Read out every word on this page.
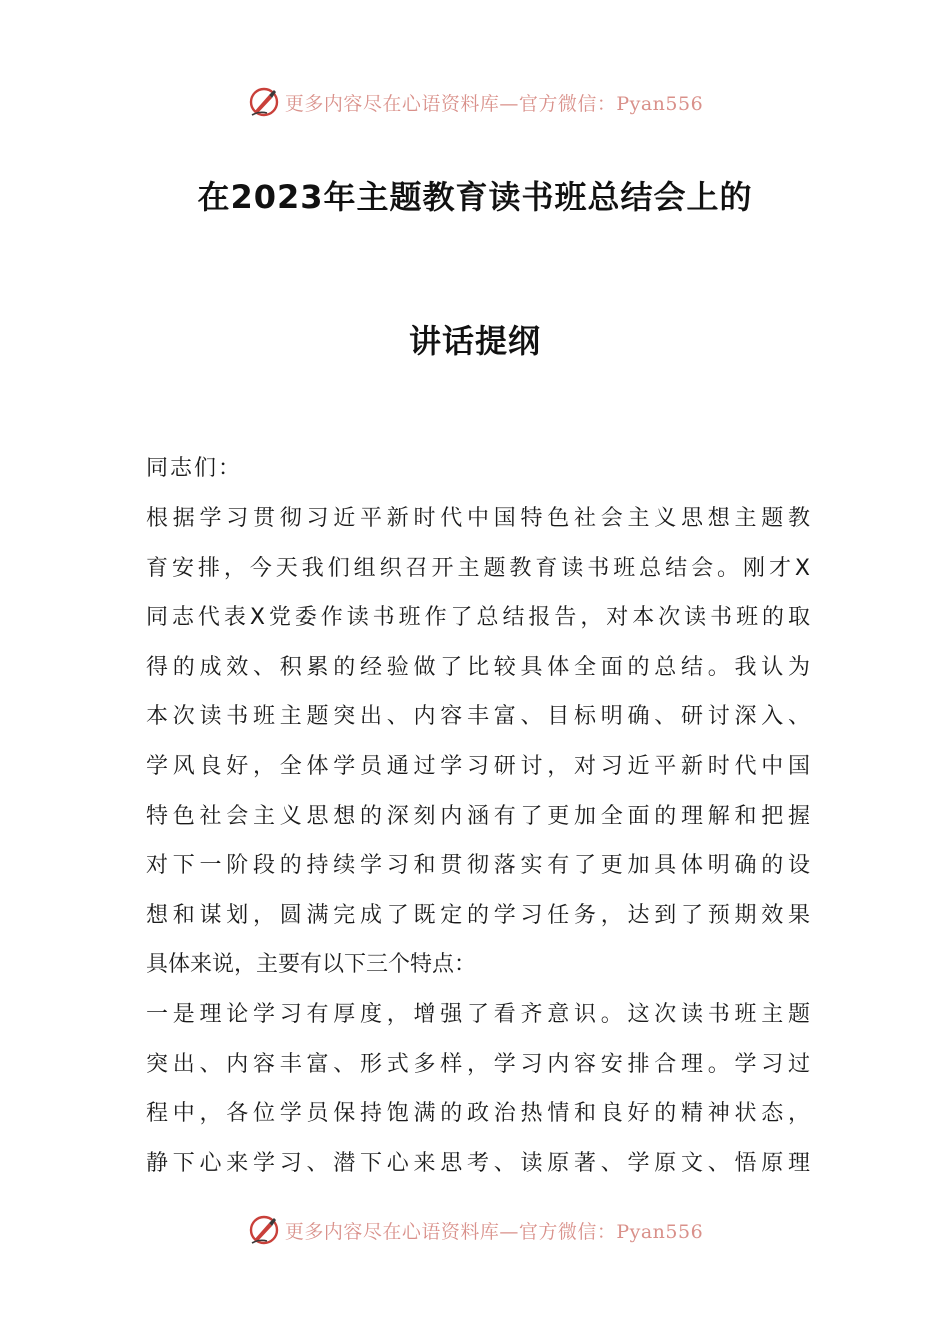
更多内容尽在心语资料库—官方微信：Pyan556
在2023年主题教育读书班总结会上的
讲话提纲
同志们：
根据学习贯彻习近平新时代中国特色社会主义思想主题教
育安排，今天我们组织召开主题教育读书班总结会。刚才X
同志代表X党委作读书班作了总结报告，对本次读书班的取
得的成效、积累的经验做了比较具体全面的总结。我认为
本次读书班主题突出、内容丰富、目标明确、研讨深入、
学风良好，全体学员通过学习研讨，对习近平新时代中国
特色社会主义思想的深刻内涵有了更加全面的理解和把握
对下一阶段的持续学习和贯彻落实有了更加具体明确的设
想和谋划，圆满完成了既定的学习任务，达到了预期效果
具体来说，主要有以下三个特点：
一是理论学习有厚度，增强了看齐意识。这次读书班主题
突出、内容丰富、形式多样，学习内容安排合理。学习过
程中，各位学员保持饱满的政治热情和良好的精神状态，
静下心来学习、潜下心来思考、读原著、学原文、悟原理
更多内容尽在心语资料库—官方微信：Pyan556
